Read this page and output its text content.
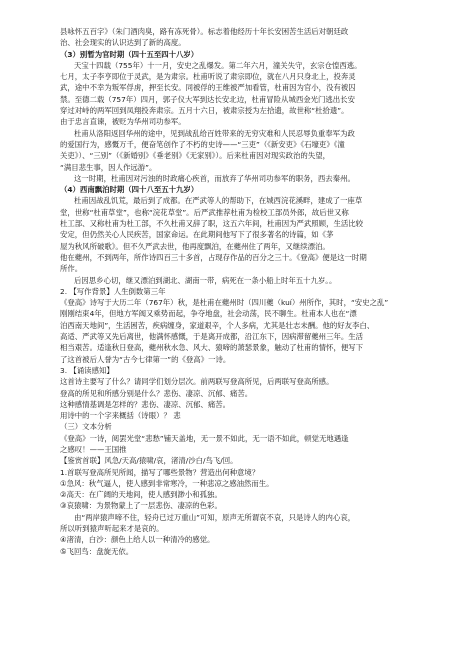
县咏怀五百字》（朱门酒肉臭，路有冻死骨）。标志着他经历十年长安困苦生活后对朝廷政
治、社会现实的认识达到了新的高度。
（3）别暂为官时期（四十五至四十八岁）
天宝十四载（755年）十一月，安史之乱爆发。第二年六月，潼关失守，玄宗仓惶西逃。
七月，太子李亨即位于灵武，是为肃宗。杜甫听说了肃宗即位，就在八月只身北上，投奔灵
武，途中不幸为叛军俘虏，押至长安。同被俘的王维被严加看管，杜甫因为官小，没有被囚
禁。至德二载（757年）四月，郭子仪大军到达长安北边，杜甫冒险从城西金光门逃出长安
穿过对峙的两军回到凤翔投奔肃宗。五月十六日，被肃宗授为左拾遗，故世称“杜拾遗”。
由于忠言直谏，被贬为华州司功参军。
杜甫从洛阳返回华州的途中，见到战乱给百姓带来的无穷灾难和人民忍辱负重奉军为政
的爱国行为，感慨万千，便奋笔创作了不朽的史诗——“三吏”（《新安吏》《石壕吏》《潼
关吏》）、“三别”（《新婚别》《垂老别》《无家别》）。后来杜甫因对现实政治的失望，
“满目悲生事，因人作远游”。
这一时期，杜甫因对污浊的时政痛心疾首，而放弃了华州司功参军的职务，西去秦州。
（4）西南飘泊时期（四十八至五十九岁）
杜甫因战乱饥荒，最后到了成都。在严武等人的帮助下，在城西浣花溪畔，建成了一座草
堂，世称“杜甫草堂”，也称“浣花草堂”。后严武推荐杜甫为检校工部员外郎，故后世又称
杜工部、又称杜甫为杜工部，不久杜甫又辞了职，这五六年间，杜甫因为严武照顾，生活比较
安定，但仍然关心人民疾苦，国家命运。在此期间他写下了很多著名的诗篇，如《茅
屋为秋风所破歌》。但不久严武去世，他再度飘泊，在夔州住了两年，又继续漂泊。
他在夔州，不到两年，所作诗四百三十多首，占现存作品的百分之三十。《登高》便是这一时期
所作。
后因思乡心切，继又漂泊到湖北、湖南一带，病死在一条小船上时年五十九岁。。
2. 【写作背景】人生倒数第三年
《登高》诗写于大历二年（767年）秋，是杜甫在夔州时（四川夔（kuí）州所作，其时，“安史之乱”
刚刚结束4年，但地方军阀又乘势而起，争夺地盘，社会动荡，民不聊生。杜甫本人也在“漂
泊西南天地间”，生活困苦，疾病缠身，家道艰辛，个人多病，尤其是壮志未酬。他的好友李白、
高适、严武等又先后离世，他满怀感慨，于是离开成都，沿江东下，因病滞留夔州三年。生活
相当艰苦。适逢秋日登高，夔州秋水急、风大、猿啼的萧瑟景象，触动了杜甫的情怀，便写下
了这首被后人誉为“古今七律第一”的《登高》一诗。
3. 【诵读感知】
这首诗主要写了什么？请同学们划分层次。前两联写登高所见，后两联写登高所感。
登高的所见和所感分别是什么？悲伤、凄凉、沉郁、痛苦。
这种感情基调是怎样的？悲伤、凄凉、沉郁、痛苦。
用诗中的一个字来概括（诗眼）？ 悲
（三）文本分析
《登高》一诗，阅罢光堂“悲愁”铺天盖地，无一景不如此，无一语不如此，顿觉无地遇逢
之感叹！——王国推
【鉴赏首联】风急/天高/猿啸/哀，渚清/沙白/鸟飞/回。
1.首联写登高所见所闻，描写了哪些景物？营造出何种意境？
①急风：秋气逼人，使人感到非常寒冷，一种悲凉之感油然而生。
②高天：在广阔的天地间，使人感到渺小和孤独。
③哀猿啸：为景物蒙上了一层悲伤、凄凉的色彩。
由“两岸猿声啼不住，轻舟已过万重山”可知，原声无所谓哀不哀，只是诗人的内心哀，
所以听到猿声听起来才是哀的。
④渚清，白沙：颜色上给人以一种清冷的感觉。
⑤飞回鸟：盘旋无依。
